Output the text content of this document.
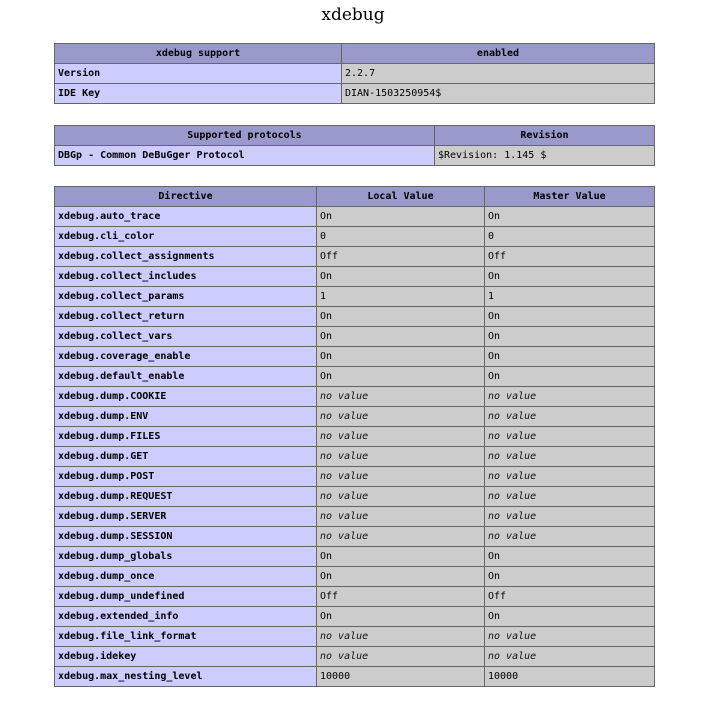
xdebug
xdebug support	enabled
Version	2.2.7
IDE Key	DIAN-1503250954$
Supported protocols	Revision
DBGp - Common DeBuGger Protocol	$Revision: 1.145 $
Directive	Local Value	Master Value
xdebug.auto_trace	On	On
xdebug.cli_color	0	0
xdebug.collect_assignments	Off	Off
xdebug.collect_includes	On	On
xdebug.collect_params	1	1
xdebug.collect_return	On	On
xdebug.collect_vars	On	On
xdebug.coverage_enable	On	On
xdebug.default_enable	On	On
xdebug.dump.COOKIE	no value	no value
xdebug.dump.ENV	no value	no value
xdebug.dump.FILES	no value	no value
xdebug.dump.GET	no value	no value
xdebug.dump.POST	no value	no value
xdebug.dump.REQUEST	no value	no value
xdebug.dump.SERVER	no value	no value
xdebug.dump.SESSION	no value	no value
xdebug.dump_globals	On	On
xdebug.dump_once	On	On
xdebug.dump_undefined	Off	Off
xdebug.extended_info	On	On
xdebug.file_link_format	no value	no value
xdebug.idekey	no value	no value
xdebug.max_nesting_level	10000	10000
